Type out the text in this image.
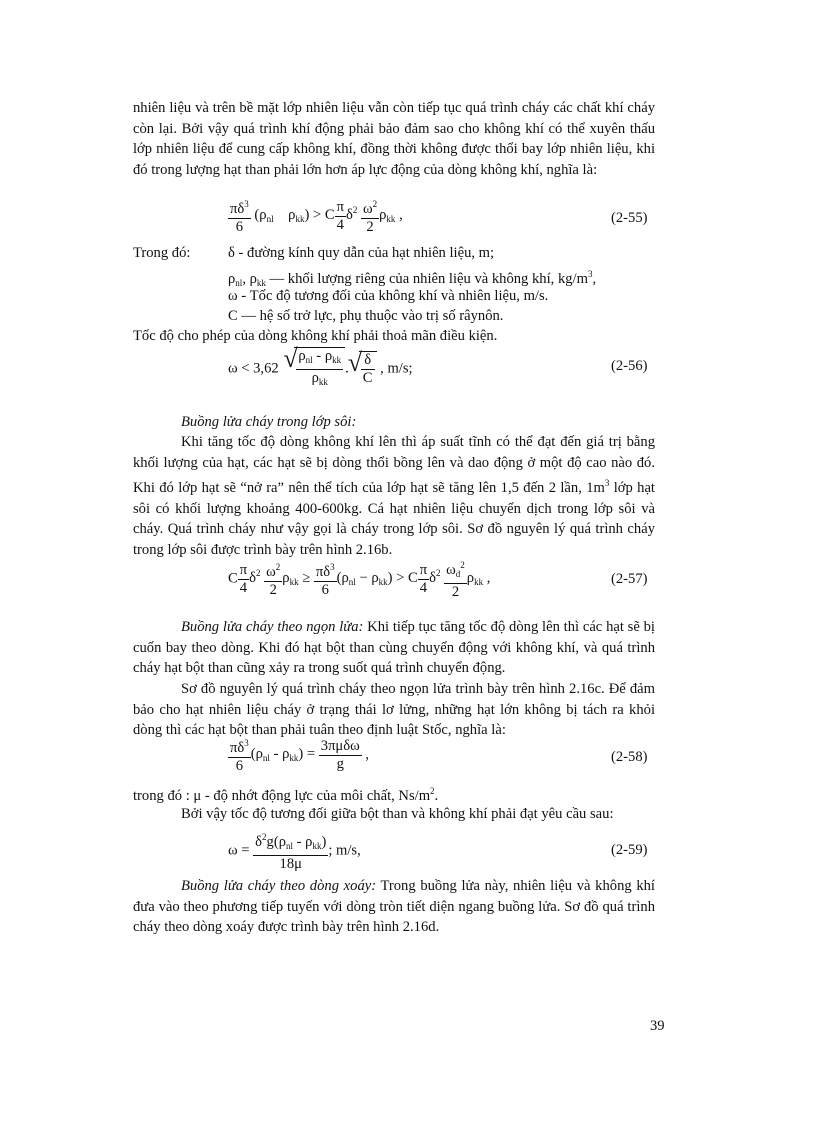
nhiên liệu và trên bề mặt lớp nhiên liệu vẫn còn tiếp tục quá trình cháy các chất khí cháy còn lại. Bởi vậy quá trình khí động phải bảo đảm sao cho không khí có thể xuyên thấu lớp nhiên liệu để cung cấp không khí, đồng thời không được thổi bay lớp nhiên liệu, khi đó trong lượng hạt than phải lớn hơn áp lực động của dòng không khí, nghĩa là:

$\frac{\pi\delta^3}{6} (\rho_{nl}$    $\rho_{kk}) > C \frac{\pi}{4} \delta^2 \frac{\omega^2}{2} \rho_{kk}$ ,	(2-55)
Trong đó:	δ - đường kính quy dẫn của hạt nhiên liệu, m;
$\rho_{nl}$, $\rho_{kk}$ — khối lượng riêng của nhiên liệu và không khí, $kg/m^3$,
ω - Tốc độ tương đối của không khí và nhiên liệu, m/s.
C — hệ số trở lực, phụ thuộc vào trị số râynôn.

Tốc độ cho phép của dòng không khí phải thoả mãn điều kiện.

ω < 3,62 √ $\frac{\rho_{nl} - \rho_{kk}}{\rho_{kk}}$ . √ $\frac{\delta}{C}$ , m/s;	(2-56)

Buồng lửa cháy trong lớp sôi:

Khi tăng tốc độ dòng không khí lên thì áp suất tĩnh có thể đạt đến giá trị bằng khối lượng của hạt, các hạt sẽ bị dòng thổi bồng lên và dao động ở một độ cao nào đó. Khi đó lớp hạt sẽ “nở ra” nên thể tích của lớp hạt sẽ tăng lên 1,5 đến 2 lần, $1m^3$ lớp hạt sôi có khối lượng khoảng 400-600kg. Cá hạt nhiên liệu chuyển dịch trong lớp sôi và cháy. Quá trình cháy như vậy gọi là cháy trong lớp sôi. Sơ đồ nguyên lý quá trình cháy trong lớp sôi được trình bày trên hình 2.16b.

C $\frac{\pi}{4} \delta^2 \frac{\omega^2}{2} \rho_{kk} \ge \frac{\pi\delta^3}{6} (\rho_{nl} - \rho_{kk}) > C \frac{\pi}{4} \delta^2 \frac{\omega_d^2}{2} \rho_{kk}$ ,	(2-57)

Buồng lửa cháy theo ngọn lửa: Khi tiếp tục tăng tốc độ dòng lên thì các hạt sẽ bị cuốn bay theo dòng. Khi đó hạt bột than cùng chuyển động với không khí, và quá trình cháy hạt bột than cũng xảy ra trong suốt quá trình chuyển động.

Sơ đồ nguyên lý quá trình cháy theo ngọn lửa trình bày trên hình 2.16c. Để đảm bảo cho hạt nhiên liệu cháy ở trạng thái lơ lửng, những hạt lớn không bị tách ra khỏi dòng thì các hạt bột than phải tuân theo định luật Stốc, nghĩa là:

$\frac{\pi\delta^3}{6} (\rho_{nl} - \rho_{kk}) = \frac{\text{3πμδω}}{g}$ ,	(2-58)
trong đó : μ - độ nhớt động lực của môi chất, $Ns/m^2$.

Bởi vậy tốc độ tương đối giữa bột than và không khí phải đạt yêu cầu sau:

$\omega = \frac{\delta^2g(\rho_{nl} - \rho_{kk})}{18\mu}$ ; m/s,	(2-59)

Buồng lửa cháy theo dòng xoáy: Trong buồng lửa này, nhiên liệu và không khí đưa vào theo phương tiếp tuyến với dòng tròn tiết diện ngang buồng lửa. Sơ đồ quá trình cháy theo dòng xoáy được trình bày trên hình 2.16d.

39
